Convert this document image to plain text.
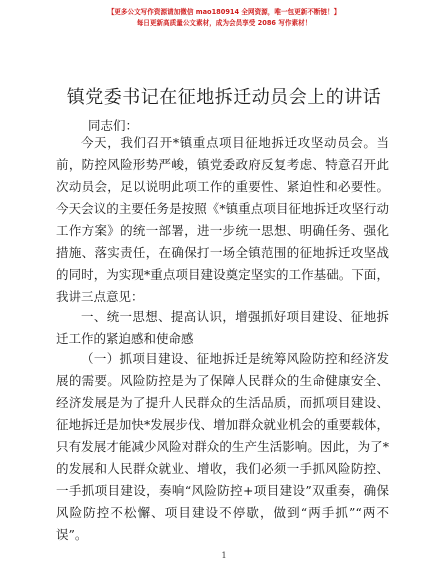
【更多公文写作资源请加微信 mao180914 全网资源，唯一包更新不断链！】
每日更新高质量公文素材，成为会员享受 2086 写作素材！
镇党委书记在征地拆迁动员会上的讲话
同志们：

今天，我们召开*镇重点项目征地拆迁攻坚动员会。当前，防控风险形势严峻，镇党委政府反复考虑、特意召开此次动员会，足以说明此项工作的重要性、紧迫性和必要性。今天会议的主要任务是按照《*镇重点项目征地拆迁攻坚行动工作方案》的统一部署，进一步统一思想、明确任务、强化措施、落实责任，在确保打一场全镇范围的征地拆迁攻坚战的同时，为实现*重点项目建设奠定坚实的工作基础。下面，我讲三点意见：

一、统一思想、提高认识，增强抓好项目建设、征地拆迁工作的紧迫感和使命感

（一）抓项目建设、征地拆迁是统筹风险防控和经济发展的需要。风险防控是为了保障人民群众的生命健康安全、经济发展是为了提升人民群众的生活品质，而抓项目建设、征地拆迁是加快*发展步伐、增加群众就业机会的重要载体，只有发展才能减少风险对群众的生产生活影响。因此，为了*的发展和人民群众就业、增收，我们必须一手抓风险防控、一手抓项目建设，奏响“风险防控+项目建设”双重奏，确保风险防控不松懈、项目建设不停歇，做到“两手抓”“两不误”。

1
